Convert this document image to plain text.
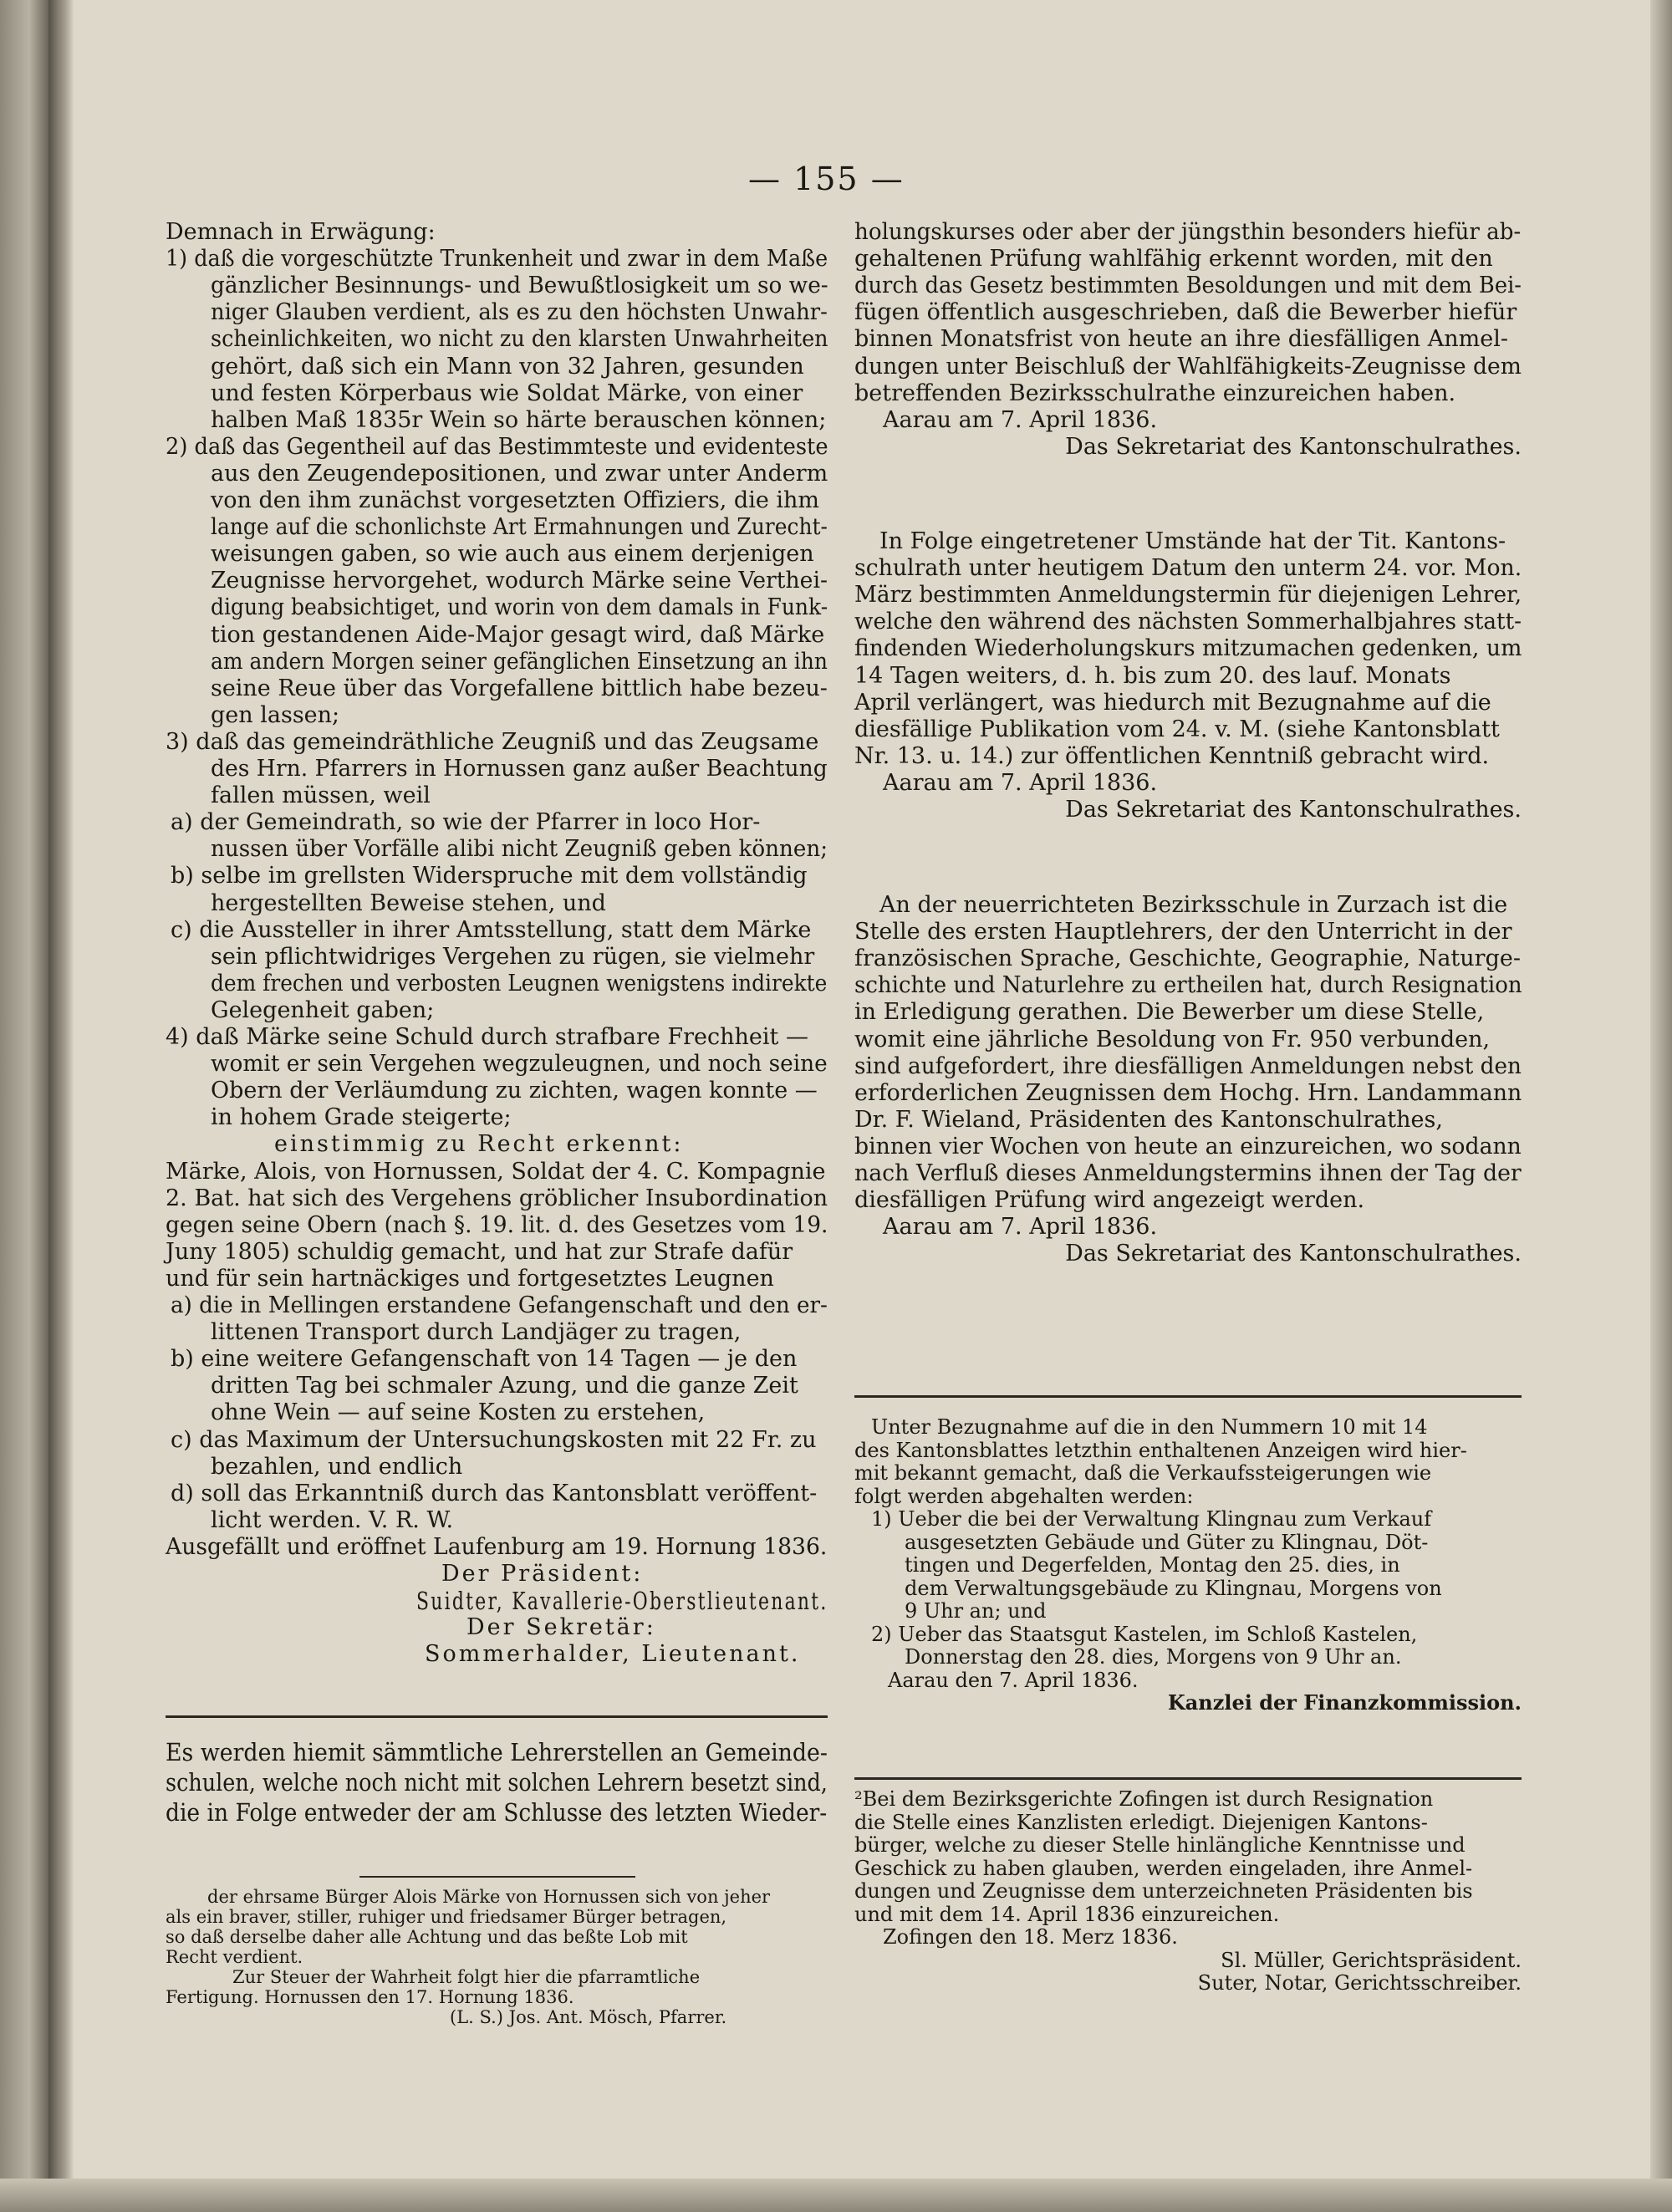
— 155 —
Demnach in Erwägung:
1) daß die vorgeschützte Trunkenheit und zwar in dem Maße
gänzlicher Besinnungs- und Bewußtlosigkeit um so we-
niger Glauben verdient, als es zu den höchsten Unwahr-
scheinlichkeiten, wo nicht zu den klarsten Unwahrheiten
gehört, daß sich ein Mann von 32 Jahren, gesunden
und festen Körperbaus wie Soldat Märke, von einer
halben Maß 1835r Wein so härte berauschen können;
2) daß das Gegentheil auf das Bestimmteste und evidenteste
aus den Zeugendepositionen, und zwar unter Anderm
von den ihm zunächst vorgesetzten Offiziers, die ihm
lange auf die schonlichste Art Ermahnungen und Zurecht-
weisungen gaben, so wie auch aus einem derjenigen
Zeugnisse hervorgehet, wodurch Märke seine Verthei-
digung beabsichtiget, und worin von dem damals in Funk-
tion gestandenen Aide-Major gesagt wird, daß Märke
am andern Morgen seiner gefänglichen Einsetzung an ihn
seine Reue über das Vorgefallene bittlich habe bezeu-
gen lassen;
3) daß das gemeindräthliche Zeugniß und das Zeugsame
des Hrn. Pfarrers in Hornussen ganz außer Beachtung
fallen müssen, weil
a) der Gemeindrath, so wie der Pfarrer in loco Hor-
nussen über Vorfälle alibi nicht Zeugniß geben können;
b) selbe im grellsten Widerspruche mit dem vollständig
hergestellten Beweise stehen, und
c) die Aussteller in ihrer Amtsstellung, statt dem Märke
sein pflichtwidriges Vergehen zu rügen, sie vielmehr
dem frechen und verbosten Leugnen wenigstens indirekte
Gelegenheit gaben;
4) daß Märke seine Schuld durch strafbare Frechheit —
womit er sein Vergehen wegzuleugnen, und noch seine
Obern der Verläumdung zu zichten, wagen konnte —
in hohem Grade steigerte;
einstimmig zu Recht erkennt:
Märke, Alois, von Hornussen, Soldat der 4. C. Kompagnie
2. Bat. hat sich des Vergehens gröblicher Insubordination
gegen seine Obern (nach §. 19. lit. d. des Gesetzes vom 19.
Juny 1805) schuldig gemacht, und hat zur Strafe dafür
und für sein hartnäckiges und fortgesetztes Leugnen
a) die in Mellingen erstandene Gefangenschaft und den er-
littenen Transport durch Landjäger zu tragen,
b) eine weitere Gefangenschaft von 14 Tagen — je den
dritten Tag bei schmaler Azung, und die ganze Zeit
ohne Wein — auf seine Kosten zu erstehen,
c) das Maximum der Untersuchungskosten mit 22 Fr. zu
bezahlen, und endlich
d) soll das Erkanntniß durch das Kantonsblatt veröffent-
licht werden. V. R. W.
Ausgefällt und eröffnet Laufenburg am 19. Hornung 1836.
Der Präsident:
Suidter, Kavallerie-Oberstlieutenant.
Der Sekretär:
Sommerhalder, Lieutenant.
Es werden hiemit sämmtliche Lehrerstellen an Gemeinde-
schulen, welche noch nicht mit solchen Lehrern besetzt sind,
die in Folge entweder der am Schlusse des letzten Wieder-
der ehrsame Bürger Alois Märke von Hornussen sich von jeher
als ein braver, stiller, ruhiger und friedsamer Bürger betragen,
so daß derselbe daher alle Achtung und das beßte Lob mit
Recht verdient.
Zur Steuer der Wahrheit folgt hier die pfarramtliche
Fertigung. Hornussen den 17. Hornung 1836.
(L. S.) Jos. Ant. Mösch, Pfarrer.
holungskurses oder aber der jüngsthin besonders hiefür ab-
gehaltenen Prüfung wahlfähig erkennt worden, mit den
durch das Gesetz bestimmten Besoldungen und mit dem Bei-
fügen öffentlich ausgeschrieben, daß die Bewerber hiefür
binnen Monatsfrist von heute an ihre diesfälligen Anmel-
dungen unter Beischluß der Wahlfähigkeits-Zeugnisse dem
betreffenden Bezirksschulrathe einzureichen haben.
Aarau am 7. April 1836.
Das Sekretariat des Kantonschulrathes.
In Folge eingetretener Umstände hat der Tit. Kantons-
schulrath unter heutigem Datum den unterm 24. vor. Mon.
März bestimmten Anmeldungstermin für diejenigen Lehrer,
welche den während des nächsten Sommerhalbjahres statt-
findenden Wiederholungskurs mitzumachen gedenken, um
14 Tagen weiters, d. h. bis zum 20. des lauf. Monats
April verlängert, was hiedurch mit Bezugnahme auf die
diesfällige Publikation vom 24. v. M. (siehe Kantonsblatt
Nr. 13. u. 14.) zur öffentlichen Kenntniß gebracht wird.
Aarau am 7. April 1836.
Das Sekretariat des Kantonschulrathes.
An der neuerrichteten Bezirksschule in Zurzach ist die
Stelle des ersten Hauptlehrers, der den Unterricht in der
französischen Sprache, Geschichte, Geographie, Naturge-
schichte und Naturlehre zu ertheilen hat, durch Resignation
in Erledigung gerathen. Die Bewerber um diese Stelle,
womit eine jährliche Besoldung von Fr. 950 verbunden,
sind aufgefordert, ihre diesfälligen Anmeldungen nebst den
erforderlichen Zeugnissen dem Hochg. Hrn. Landammann
Dr. F. Wieland, Präsidenten des Kantonschulrathes,
binnen vier Wochen von heute an einzureichen, wo sodann
nach Verfluß dieses Anmeldungstermins ihnen der Tag der
diesfälligen Prüfung wird angezeigt werden.
Aarau am 7. April 1836.
Das Sekretariat des Kantonschulrathes.
Unter Bezugnahme auf die in den Nummern 10 mit 14
des Kantonsblattes letzthin enthaltenen Anzeigen wird hier-
mit bekannt gemacht, daß die Verkaufssteigerungen wie
folgt werden abgehalten werden:
1) Ueber die bei der Verwaltung Klingnau zum Verkauf
ausgesetzten Gebäude und Güter zu Klingnau, Döt-
tingen und Degerfelden, Montag den 25. dies, in
dem Verwaltungsgebäude zu Klingnau, Morgens von
9 Uhr an; und
2) Ueber das Staatsgut Kastelen, im Schloß Kastelen,
Donnerstag den 28. dies, Morgens von 9 Uhr an.
Aarau den 7. April 1836.
Kanzlei der Finanzkommission.
²Bei dem Bezirksgerichte Zofingen ist durch Resignation
die Stelle eines Kanzlisten erledigt. Diejenigen Kantons-
bürger, welche zu dieser Stelle hinlängliche Kenntnisse und
Geschick zu haben glauben, werden eingeladen, ihre Anmel-
dungen und Zeugnisse dem unterzeichneten Präsidenten bis
und mit dem 14. April 1836 einzureichen.
Zofingen den 18. Merz 1836.
Sl. Müller, Gerichtspräsident.
Suter, Notar, Gerichtsschreiber.
